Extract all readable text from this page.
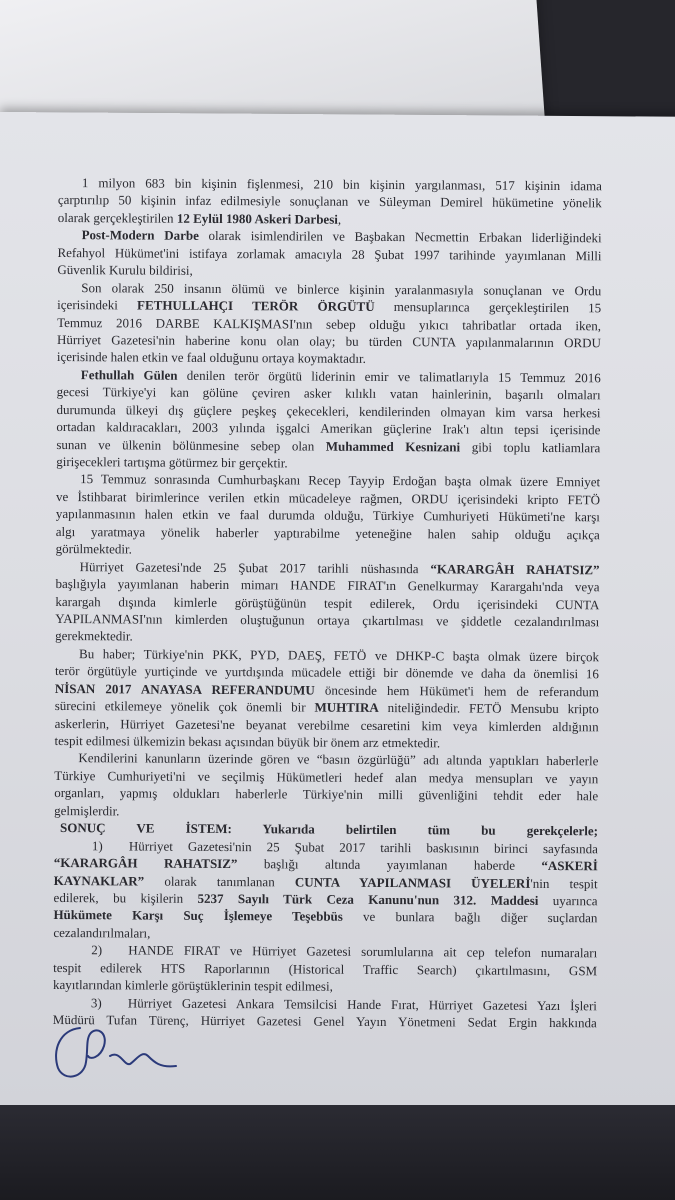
1 milyon 683 bin kişinin fişlenmesi, 210 bin kişinin yargılanması, 517 kişinin idama
çarptırılıp 50 kişinin infaz edilmesiyle sonuçlanan ve Süleyman Demirel hükümetine yönelik
olarak gerçekleştirilen 12 Eylül 1980 Askeri Darbesi,
Post-Modern Darbe olarak isimlendirilen ve Başbakan Necmettin Erbakan liderliğindeki
Refahyol Hükümet'ini istifaya zorlamak amacıyla 28 Şubat 1997 tarihinde yayımlanan Milli
Güvenlik Kurulu bildirisi,
Son olarak 250 insanın ölümü ve binlerce kişinin yaralanmasıyla sonuçlanan ve Ordu
içerisindeki FETHULLAHÇI TERÖR ÖRGÜTÜ mensuplarınca gerçekleştirilen 15
Temmuz 2016 DARBE KALKIŞMASI'nın sebep olduğu yıkıcı tahribatlar ortada iken,
Hürriyet Gazetesi'nin haberine konu olan olay; bu türden CUNTA yapılanmalarının ORDU
içerisinde halen etkin ve faal olduğunu ortaya koymaktadır.
Fethullah Gülen denilen terör örgütü liderinin emir ve talimatlarıyla 15 Temmuz 2016
gecesi Türkiye'yi kan gölüne çeviren asker kılıklı vatan hainlerinin, başarılı olmaları
durumunda ülkeyi dış güçlere peşkeş çekecekleri, kendilerinden olmayan kim varsa herkesi
ortadan kaldıracakları, 2003 yılında işgalci Amerikan güçlerine Irak'ı altın tepsi içerisinde
sunan ve ülkenin bölünmesine sebep olan Muhammed Kesnizani gibi toplu katliamlara
girişecekleri tartışma götürmez bir gerçektir.
15 Temmuz sonrasında Cumhurbaşkanı Recep Tayyip Erdoğan başta olmak üzere Emniyet
ve İstihbarat birimlerince verilen etkin mücadeleye rağmen, ORDU içerisindeki kripto FETÖ
yapılanmasının halen etkin ve faal durumda olduğu, Türkiye Cumhuriyeti Hükümeti'ne karşı
algı yaratmaya yönelik haberler yaptırabilme yeteneğine halen sahip olduğu açıkça
görülmektedir.
Hürriyet Gazetesi'nde 25 Şubat 2017 tarihli nüshasında “KARARGÂH RAHATSIZ”
başlığıyla yayımlanan haberin mimarı HANDE FIRAT'ın Genelkurmay Karargahı'nda veya
karargah dışında kimlerle görüştüğünün tespit edilerek, Ordu içerisindeki CUNTA
YAPILANMASI'nın kimlerden oluştuğunun ortaya çıkartılması ve şiddetle cezalandırılması
gerekmektedir.
Bu haber; Türkiye'nin PKK, PYD, DAEŞ, FETÖ ve DHKP-C başta olmak üzere birçok
terör örgütüyle yurtiçinde ve yurtdışında mücadele ettiği bir dönemde ve daha da önemlisi 16
NİSAN 2017 ANAYASA REFERANDUMU öncesinde hem Hükümet'i hem de referandum
sürecini etkilemeye yönelik çok önemli bir MUHTIRA niteliğindedir. FETÖ Mensubu kripto
askerlerin, Hürriyet Gazetesi'ne beyanat verebilme cesaretini kim veya kimlerden aldığının
tespit edilmesi ülkemizin bekası açısından büyük bir önem arz etmektedir.
Kendilerini kanunların üzerinde gören ve “basın özgürlüğü” adı altında yaptıkları haberlerle
Türkiye Cumhuriyeti'ni ve seçilmiş Hükümetleri hedef alan medya mensupları ve yayın
organları, yapmış oldukları haberlerle Türkiye'nin milli güvenliğini tehdit eder hale
gelmişlerdir.
SONUÇ VE İSTEM: Yukarıda belirtilen tüm bu gerekçelerle;
1) Hürriyet Gazetesi'nin 25 Şubat 2017 tarihli baskısının birinci sayfasında
“KARARGÂH RAHATSIZ” başlığı altında yayımlanan haberde “ASKERİ
KAYNAKLAR” olarak tanımlanan CUNTA YAPILANMASI ÜYELERİ'nin tespit
edilerek, bu kişilerin 5237 Sayılı Türk Ceza Kanunu'nun 312. Maddesi uyarınca
Hükümete Karşı Suç İşlemeye Teşebbüs ve bunlara bağlı diğer suçlardan
cezalandırılmaları,
2) HANDE FIRAT ve Hürriyet Gazetesi sorumlularına ait cep telefon numaraları
tespit edilerek HTS Raporlarının (Historical Traffic Search) çıkartılmasını, GSM
kayıtlarından kimlerle görüştüklerinin tespit edilmesi,
3) Hürriyet Gazetesi Ankara Temsilcisi Hande Fırat, Hürriyet Gazetesi Yazı İşleri
Müdürü Tufan Türenç, Hürriyet Gazetesi Genel Yayın Yönetmeni Sedat Ergin hakkında
